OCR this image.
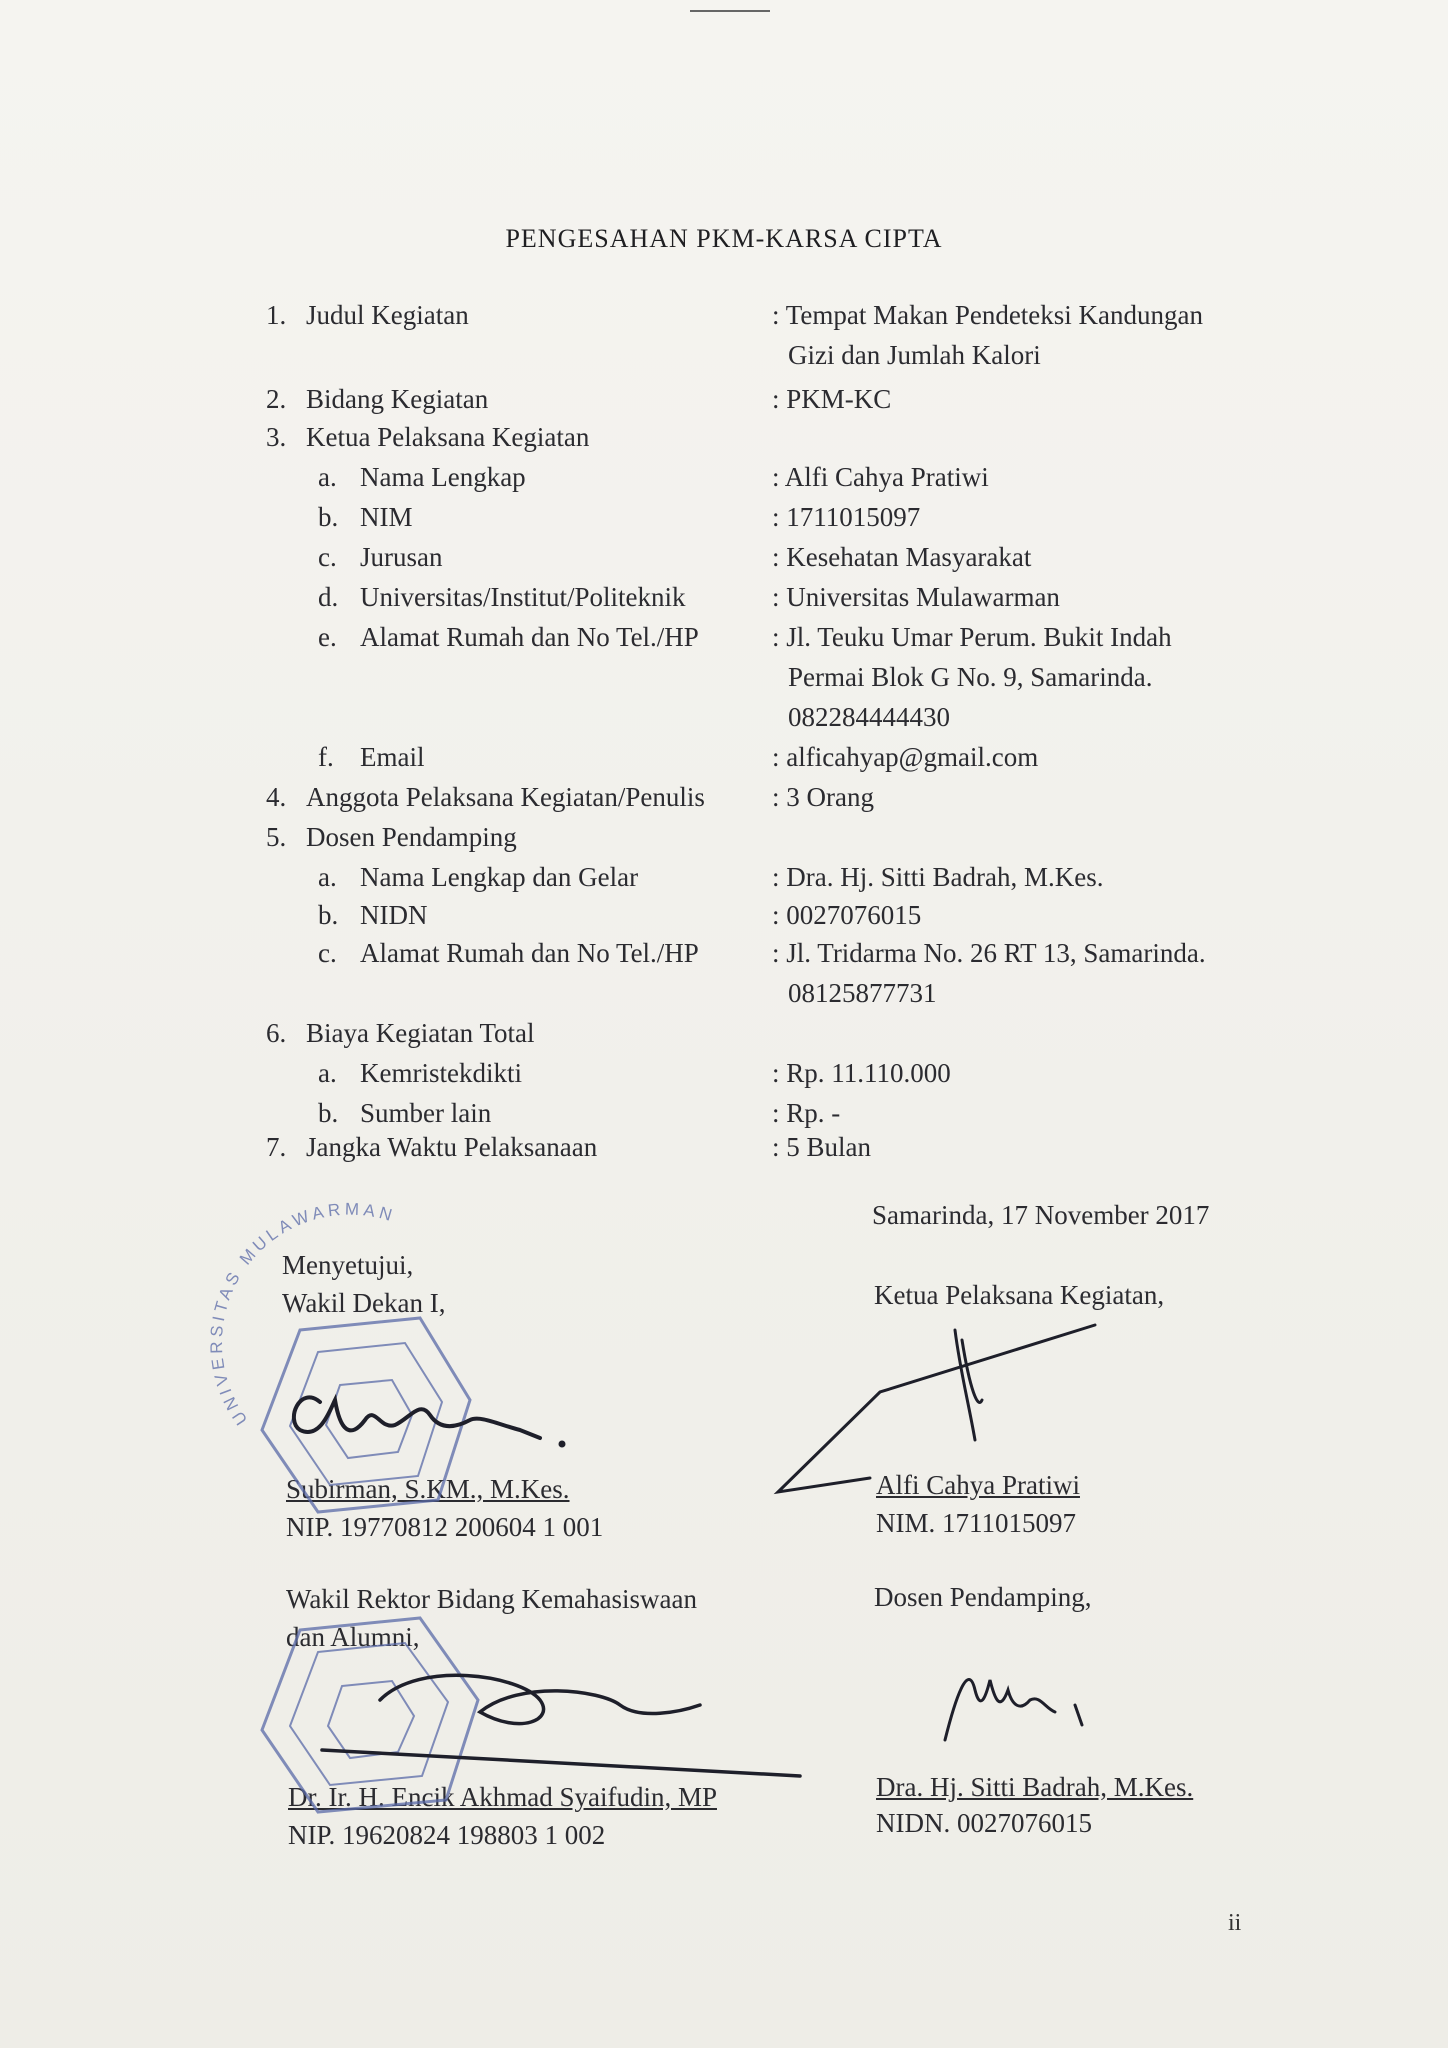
PENGESAHAN PKM-KARSA CIPTA
1. Judul Kegiatan	: Tempat Makan Pendeteksi Kandungan
Gizi dan Jumlah Kalori
2. Bidang Kegiatan	: PKM-KC
3. Ketua Pelaksana Kegiatan
a. Nama Lengkap	: Alfi Cahya Pratiwi
b. NIM	: 1711015097
c. Jurusan	: Kesehatan Masyarakat
d. Universitas/Institut/Politeknik	: Universitas Mulawarman
e. Alamat Rumah dan No Tel./HP	: Jl. Teuku Umar Perum. Bukit Indah
Permai Blok G No. 9, Samarinda.
082284444430
f. Email	: alficahyap@gmail.com
4. Anggota Pelaksana Kegiatan/Penulis : 3 Orang
5. Dosen Pendamping
a. Nama Lengkap dan Gelar	: Dra. Hj. Sitti Badrah, M.Kes.
b. NIDN	: 0027076015
c. Alamat Rumah dan No Tel./HP	: Jl. Tridarma No. 26 RT 13, Samarinda.
08125877731
6. Biaya Kegiatan Total
a. Kemristekdikti	: Rp. 11.110.000
b. Sumber lain	: Rp. -
7. Jangka Waktu Pelaksanaan	: 5 Bulan
Samarinda, 17 November 2017
Menyetujui,
Wakil Dekan I,
Subirman, S.KM., M.Kes.
NIP. 19770812 200604 1 001
Ketua Pelaksana Kegiatan,
Alfi Cahya Pratiwi
NIM. 1711015097
Wakil Rektor Bidang Kemahasiswaan
dan Alumni,
Dr. Ir. H. Encik Akhmad Syaifudin, MP
NIP. 19620824 198803 1 002
Dosen Pendamping,
Dra. Hj. Sitti Badrah, M.Kes.
NIDN. 0027076015
ii
UNIVERSITAS MULAWARMAN
